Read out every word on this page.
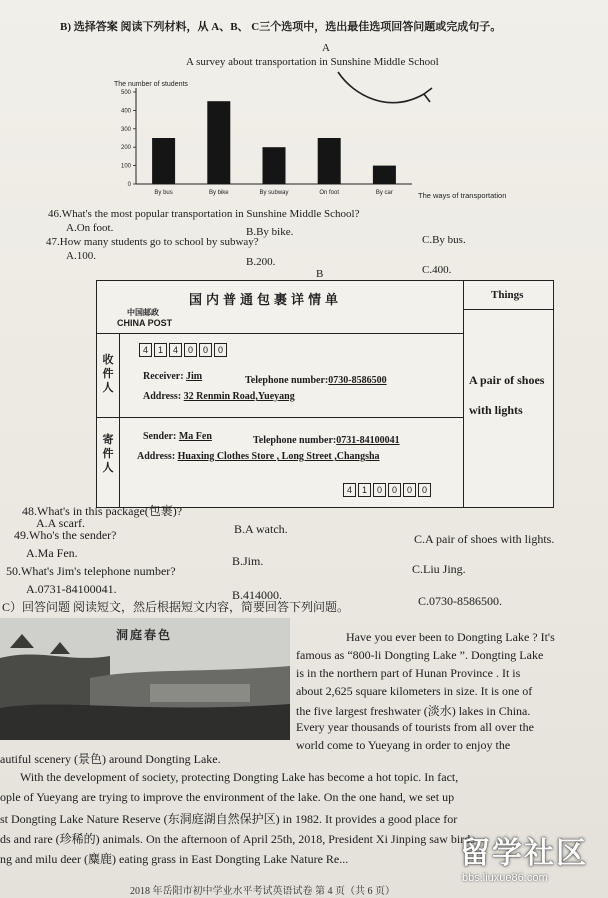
B) 选择答案 阅读下列材料，从 A、B、 C三个选项中，选出最佳选项回答问题或完成句子。
A
A survey about transportation in Sunshine Middle School
The number of students
0
100
200
300
400
500
By bus	By bike	By subway	On foot	By car	The ways of transportation
46.What's the most popular transportation in Sunshine Middle School?
A.On foot.	B.By bike.
C.By bus.
47.How many students go to school by subway?
A.100.	B.200.
C.400.
B
国内普通包裹详情单
中国邮政
CHINA POST
Things
A pair of shoes with lights
收件人
寄件人
4	1	4	0	0	0
Receiver: Jim	Telephone number:0730-8586500
Address: 32 Renmin Road,Yueyang
Sender: Ma Fen	Telephone number:0731-84100041
Address: Huaxing Clothes Store , Long Street ,Changsha
4	1	0	0	0	0
48.What's in this package(包裹)?
A.A scarf.	B.A watch.
C.A pair of shoes with lights.
49.Who's the sender?
A.Ma Fen.
B.Jim.
C.Liu Jing.
50.What's Jim's telephone number?
A.0731-84100041.	B.414000.	C.0730-8586500.
C）回答问题 阅读短文，然后根据短文内容，简要回答下列问题。
洞庭春色	Have you ever been to Dongting Lake ? It's
famous as “800-li Dongting Lake ”. Dongting Lake
is in the northern part of Hunan Province . It is
about 2,625 square kilometers in size. It is one of
the five largest freshwater (淡水) lakes in China.
Every year thousands of tourists from all over the
world come to Yueyang in order to enjoy the
autiful scenery (景色) around Dongting Lake.
With the development of society, protecting Dongting Lake has become a hot topic. In fact,
ople of Yueyang are trying to improve the environment of the lake. On the one hand, we set up
st Dongting Lake Nature Reserve (东洞庭湖自然保护区) in 1982. It provides a good place for
ds and rare (珍稀的) animals. On the afternoon of April 25th, 2018, President Xi Jinping saw birds
ng and milu deer (麋鹿) eating grass in East Dongting Lake Nature Re...
2018 年岳阳市初中学业水平考试英语试卷 第 4 页（共 6 页）
留学社区
bbs.liuxue86.com
